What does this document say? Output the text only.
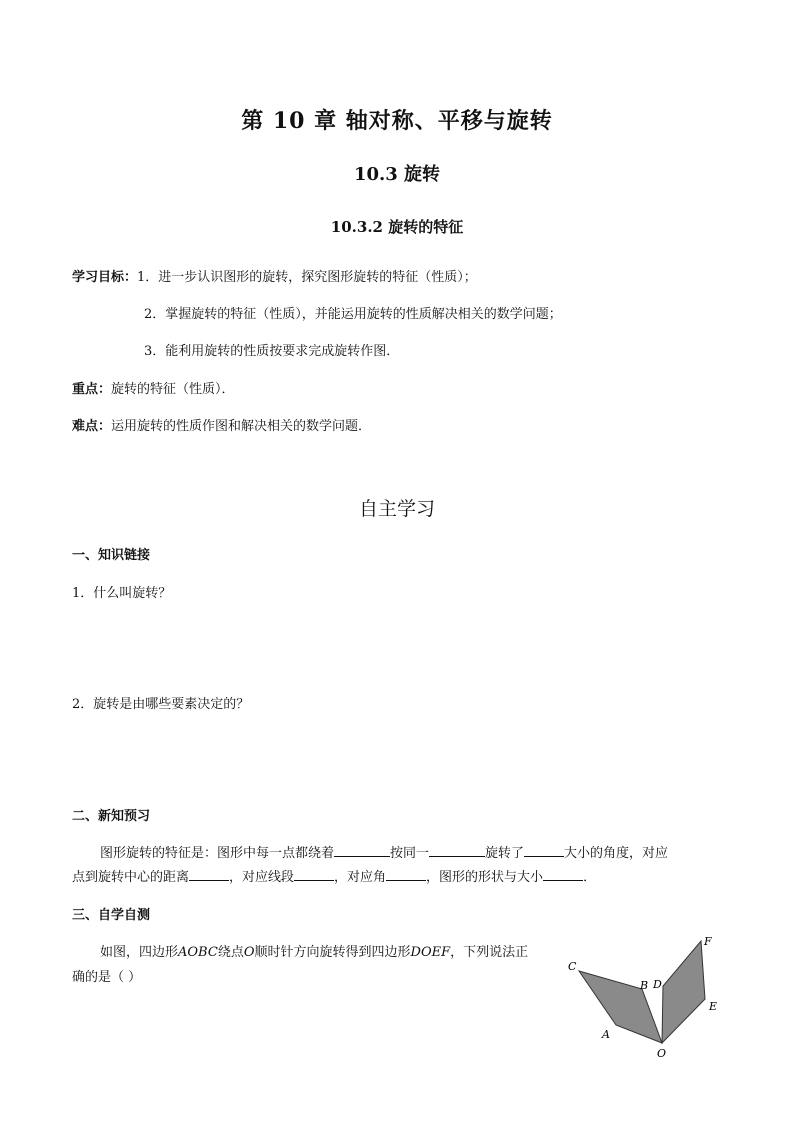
第 10 章 轴对称、平移与旋转
10.3 旋转
10.3.2 旋转的特征
学习目标：1．进一步认识图形的旋转，探究图形旋转的特征（性质）；
2．掌握旋转的特征（性质），并能运用旋转的性质解决相关的数学问题；
3．能利用旋转的性质按要求完成旋转作图．
重点：旋转的特征（性质）．
难点：运用旋转的性质作图和解决相关的数学问题．
自主学习
一、知识链接
1．什么叫旋转？
2．旋转是由哪些要素决定的？
二、新知预习
图形旋转的特征是：图形中每一点都绕着	按同一	旋转了	大小的角度，对应
点到旋转中心的距离	，对应线段	，对应角	，图形的形状与大小	．
三、自学自测
如图，四边形AOBC绕点O顺时针方向旋转得到四边形DOEF，下列说法正
确的是（ ）
C
B D
F
E
A
O
